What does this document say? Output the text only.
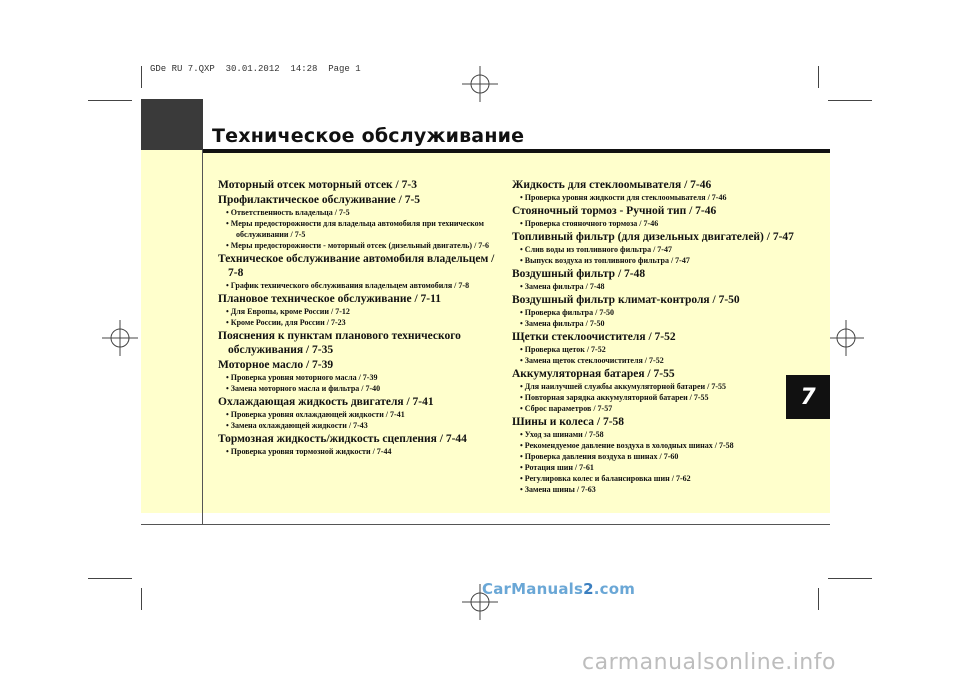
GDe RU 7.QXP  30.01.2012  14:28  Page 1
Техническое обслуживание

Моторный отсек моторный отсек / 7-3

Профилактическое обслуживание / 7-5

• Ответственность владельца / 7-5

• Меры предосторожности для владельца автомобиля при техническом обслуживании / 7-5

• Меры предосторожности - моторный отсек (дизельный двигатель) / 7-6

Техническое обслуживание автомобиля владельцем / 7-8

• График технического обслуживания владельцем автомобиля / 7-8

Плановое техническое обслуживание / 7-11

• Для Европы, кроме России / 7-12

• Кроме России, для России / 7-23

Пояснения к пунктам планового технического обслуживания / 7-35

Моторное масло / 7-39

• Проверка уровня моторного масла / 7-39

• Замена моторного масла и фильтра / 7-40

Охлаждающая жидкость двигателя / 7-41

• Проверка уровня охлаждающей жидкости / 7-41

• Замена охлаждающей жидкости / 7-43

Тормозная жидкость/жидкость сцепления / 7-44

• Проверка уровня тормозной жидкости / 7-44

Жидкость для стеклоомывателя / 7-46

• Проверка уровня жидкости для стеклоомывателя / 7-46

Стояночный тормоз - Ручной тип / 7-46

• Проверка стояночного тормоза / 7-46

Топливный фильтр (для дизельных двигателей) / 7-47

• Слив воды из топливного фильтра / 7-47

• Выпуск воздуха из топливного фильтра / 7-47

Воздушный фильтр / 7-48

• Замена фильтра / 7-48

Воздушный фильтр климат-контроля / 7-50

• Проверка фильтра / 7-50

• Замена фильтра / 7-50

Щетки стеклоочистителя / 7-52

• Проверка щеток / 7-52

• Замена щеток стеклоочистителя / 7-52

Аккумуляторная батарея / 7-55

• Для наилучшей службы аккумуляторной батареи / 7-55

• Повторная зарядка аккумуляторной батареи / 7-55

• Сброс параметров / 7-57

Шины и колеса / 7-58

• Уход за шинами / 7-58

• Рекомендуемое давление воздуха в холодных шинах / 7-58

• Проверка давления воздуха в шинах / 7-60

• Ротация шин / 7-61

• Регулировка колес и балансировка шин / 7-62

• Замена шины / 7-63

7
CarManuals2.com
carmanualsonline.info
